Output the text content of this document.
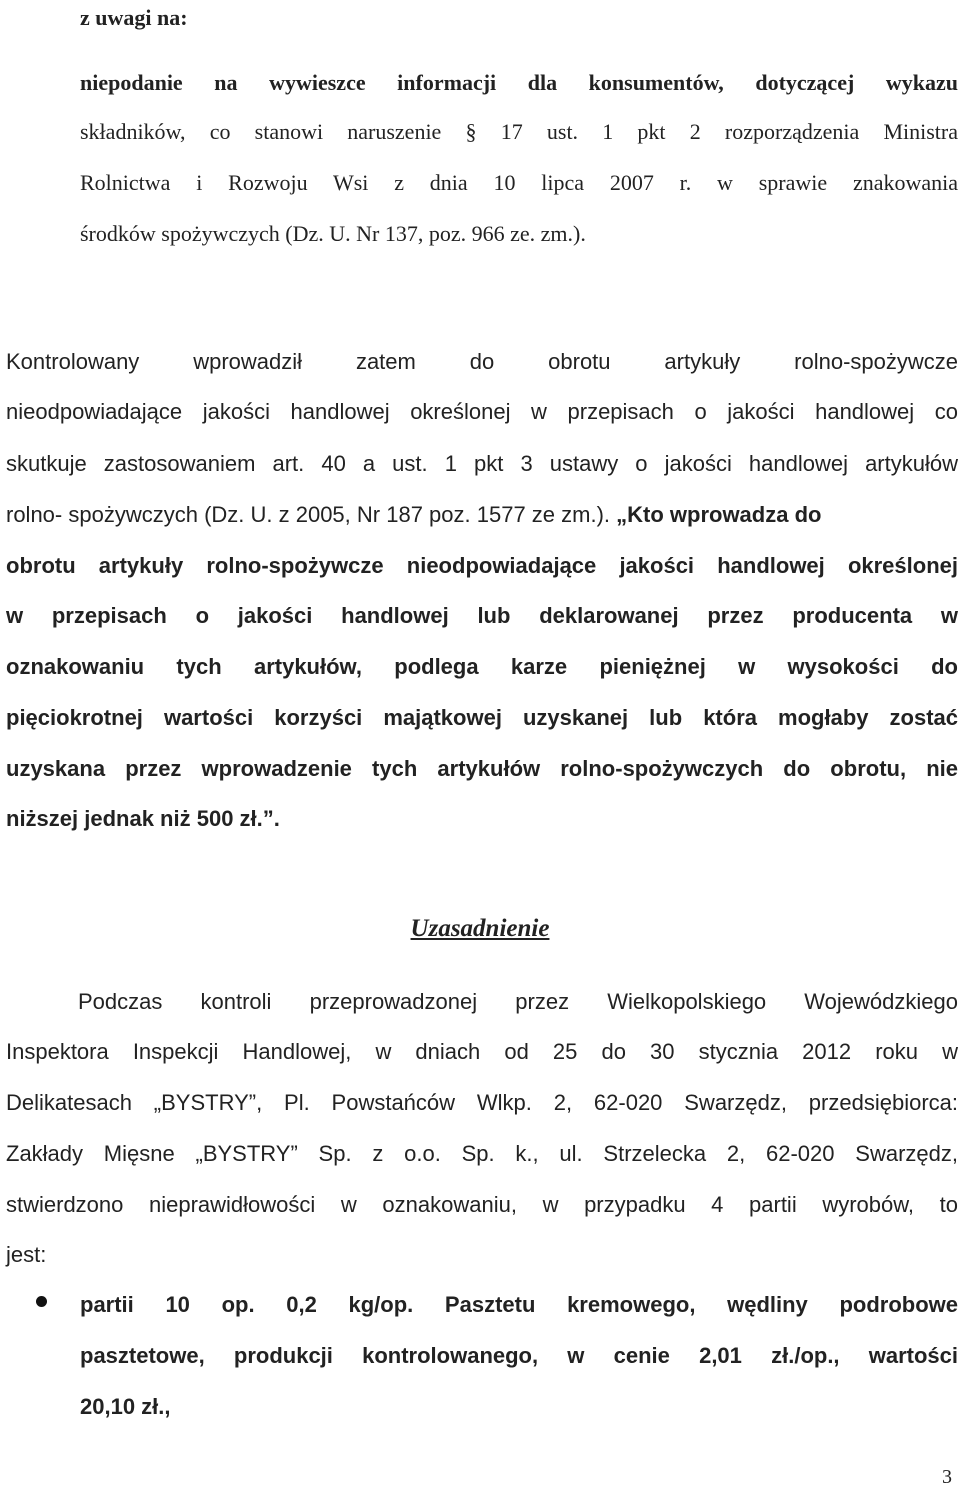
z uwagi na:
niepodanie na wywieszce informacji dla konsumentów, dotyczącej wykazu
składników, co stanowi naruszenie § 17 ust. 1 pkt 2 rozporządzenia Ministra
Rolnictwa i Rozwoju Wsi z dnia 10 lipca 2007 r. w sprawie znakowania
środków spożywczych (Dz. U. Nr 137, poz. 966 ze. zm.).
Kontrolowany wprowadził zatem do obrotu artykuły rolno-spożywcze
nieodpowiadające jakości handlowej określonej w przepisach o jakości handlowej co
skutkuje zastosowaniem art. 40 a ust. 1 pkt 3 ustawy o jakości handlowej artykułów
rolno- spożywczych (Dz. U. z 2005, Nr 187 poz. 1577 ze zm.). „Kto wprowadza do
obrotu artykuły rolno-spożywcze nieodpowiadające jakości handlowej określonej
w przepisach o jakości handlowej lub deklarowanej przez producenta w
oznakowaniu tych artykułów, podlega karze pieniężnej w wysokości do
pięciokrotnej wartości korzyści majątkowej uzyskanej lub która mogłaby zostać
uzyskana przez wprowadzenie tych artykułów rolno-spożywczych do obrotu, nie
niższej jednak niż 500 zł.”.
Uzasadnienie
Podczas kontroli przeprowadzonej przez Wielkopolskiego Wojewódzkiego
Inspektora Inspekcji Handlowej, w dniach od 25 do 30 stycznia 2012 roku w
Delikatesach „BYSTRY”, Pl. Powstańców Wlkp. 2, 62-020 Swarzędz, przedsiębiorca:
Zakłady Mięsne „BYSTRY” Sp. z o.o. Sp. k., ul. Strzelecka 2, 62-020 Swarzędz,
stwierdzono nieprawidłowości w oznakowaniu, w przypadku 4 partii wyrobów, to
jest:
partii 10 op. 0,2 kg/op. Pasztetu kremowego, wędliny podrobowe
pasztetowe, produkcji kontrolowanego, w cenie 2,01 zł./op., wartości
20,10 zł.,
3
